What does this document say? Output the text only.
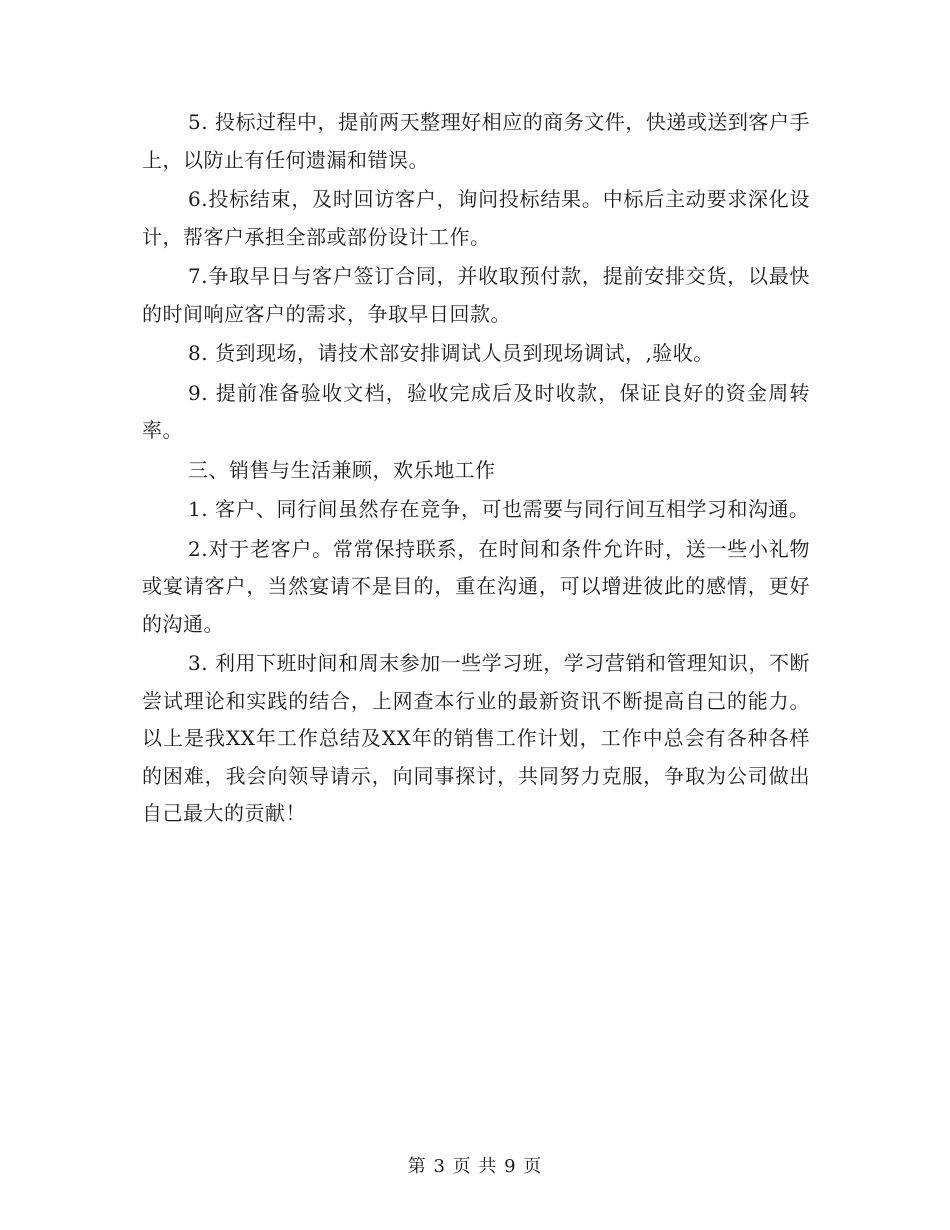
5. 投标过程中，提前两天整理好相应的商务文件，快递或送到客户手上，以防止有任何遗漏和错误。

6.投标结束，及时回访客户，询问投标结果。中标后主动要求深化设计，帮客户承担全部或部份设计工作。

7.争取早日与客户签订合同，并收取预付款，提前安排交货，以最快的时间响应客户的需求，争取早日回款。

8. 货到现场，请技术部安排调试人员到现场调试，,验收。

9. 提前准备验收文档，验收完成后及时收款，保证良好的资金周转率。

三、销售与生活兼顾，欢乐地工作

1. 客户、同行间虽然存在竞争，可也需要与同行间互相学习和沟通。

2.对于老客户。常常保持联系，在时间和条件允许时，送一些小礼物或宴请客户，当然宴请不是目的，重在沟通，可以增进彼此的感情，更好的沟通。

3. 利用下班时间和周末参加一些学习班，学习营销和管理知识，不断尝试理论和实践的结合，上网查本行业的最新资讯不断提高自己的能力。以上是我XX年工作总结及XX年的销售工作计划，工作中总会有各种各样的困难，我会向领导请示，向同事探讨，共同努力克服，争取为公司做出自己最大的贡献！

第 3 页 共 9 页
